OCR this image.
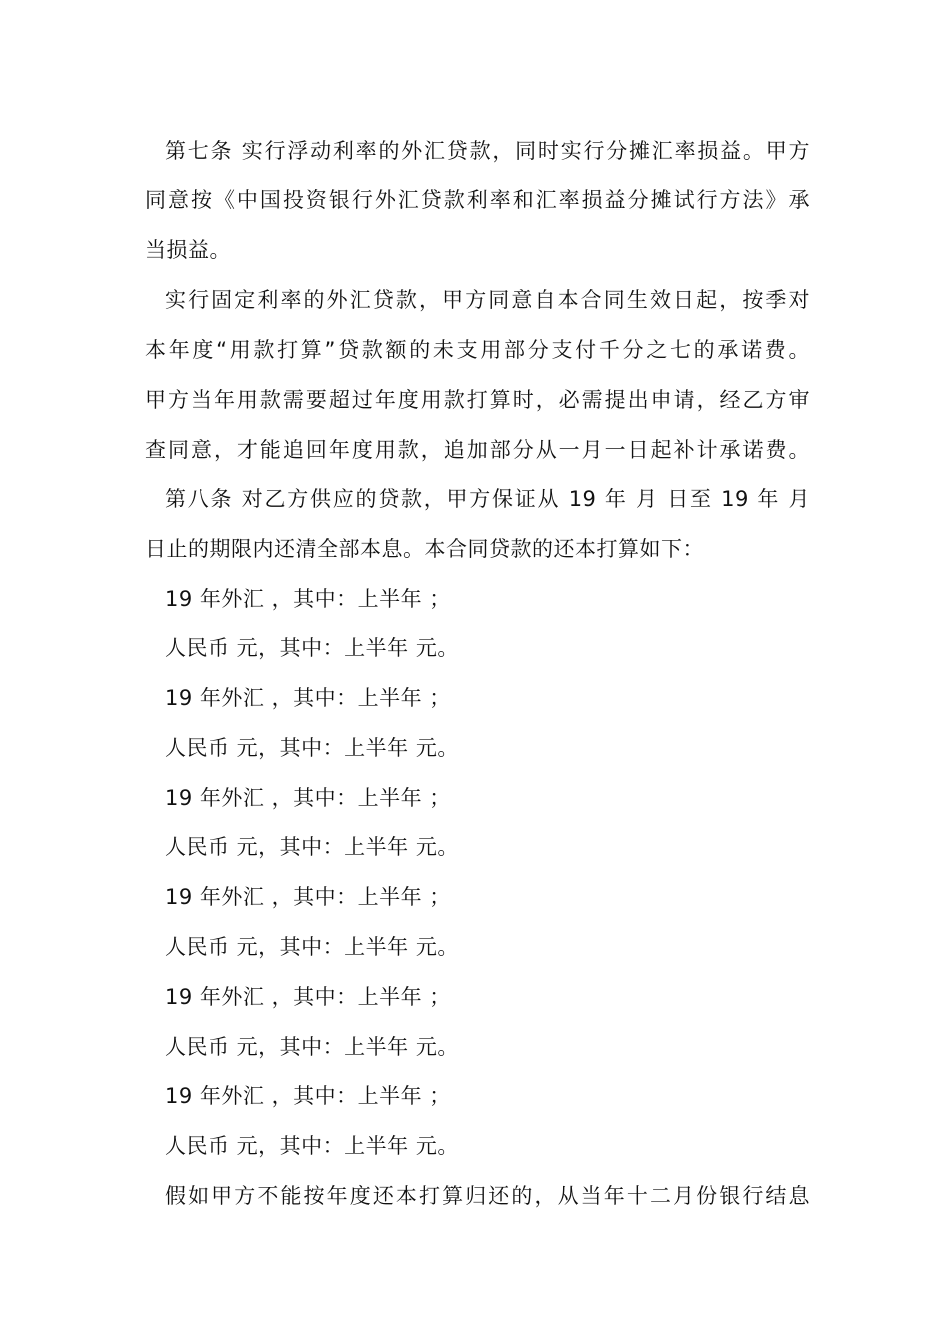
第七条 实行浮动利率的外汇贷款，同时实行分摊汇率损益。甲方
同意按《中国投资银行外汇贷款利率和汇率损益分摊试行方法》承
当损益。
实行固定利率的外汇贷款，甲方同意自本合同生效日起，按季对
本年度“用款打算”贷款额的未支用部分支付千分之七的承诺费。
甲方当年用款需要超过年度用款打算时，必需提出申请，经乙方审
查同意，才能追回年度用款，追加部分从一月一日起补计承诺费。
第八条 对乙方供应的贷款，甲方保证从 19 年 月 日至 19 年 月
日止的期限内还清全部本息。本合同贷款的还本打算如下：
19 年外汇 ，其中：上半年 ；
人民币 元，其中：上半年 元。
19 年外汇 ，其中：上半年 ；
人民币 元，其中：上半年 元。
19 年外汇 ，其中：上半年 ；
人民币 元，其中：上半年 元。
19 年外汇 ，其中：上半年 ；
人民币 元，其中：上半年 元。
19 年外汇 ，其中：上半年 ；
人民币 元，其中：上半年 元。
19 年外汇 ，其中：上半年 ；
人民币 元，其中：上半年 元。
假如甲方不能按年度还本打算归还的，从当年十二月份银行结息
